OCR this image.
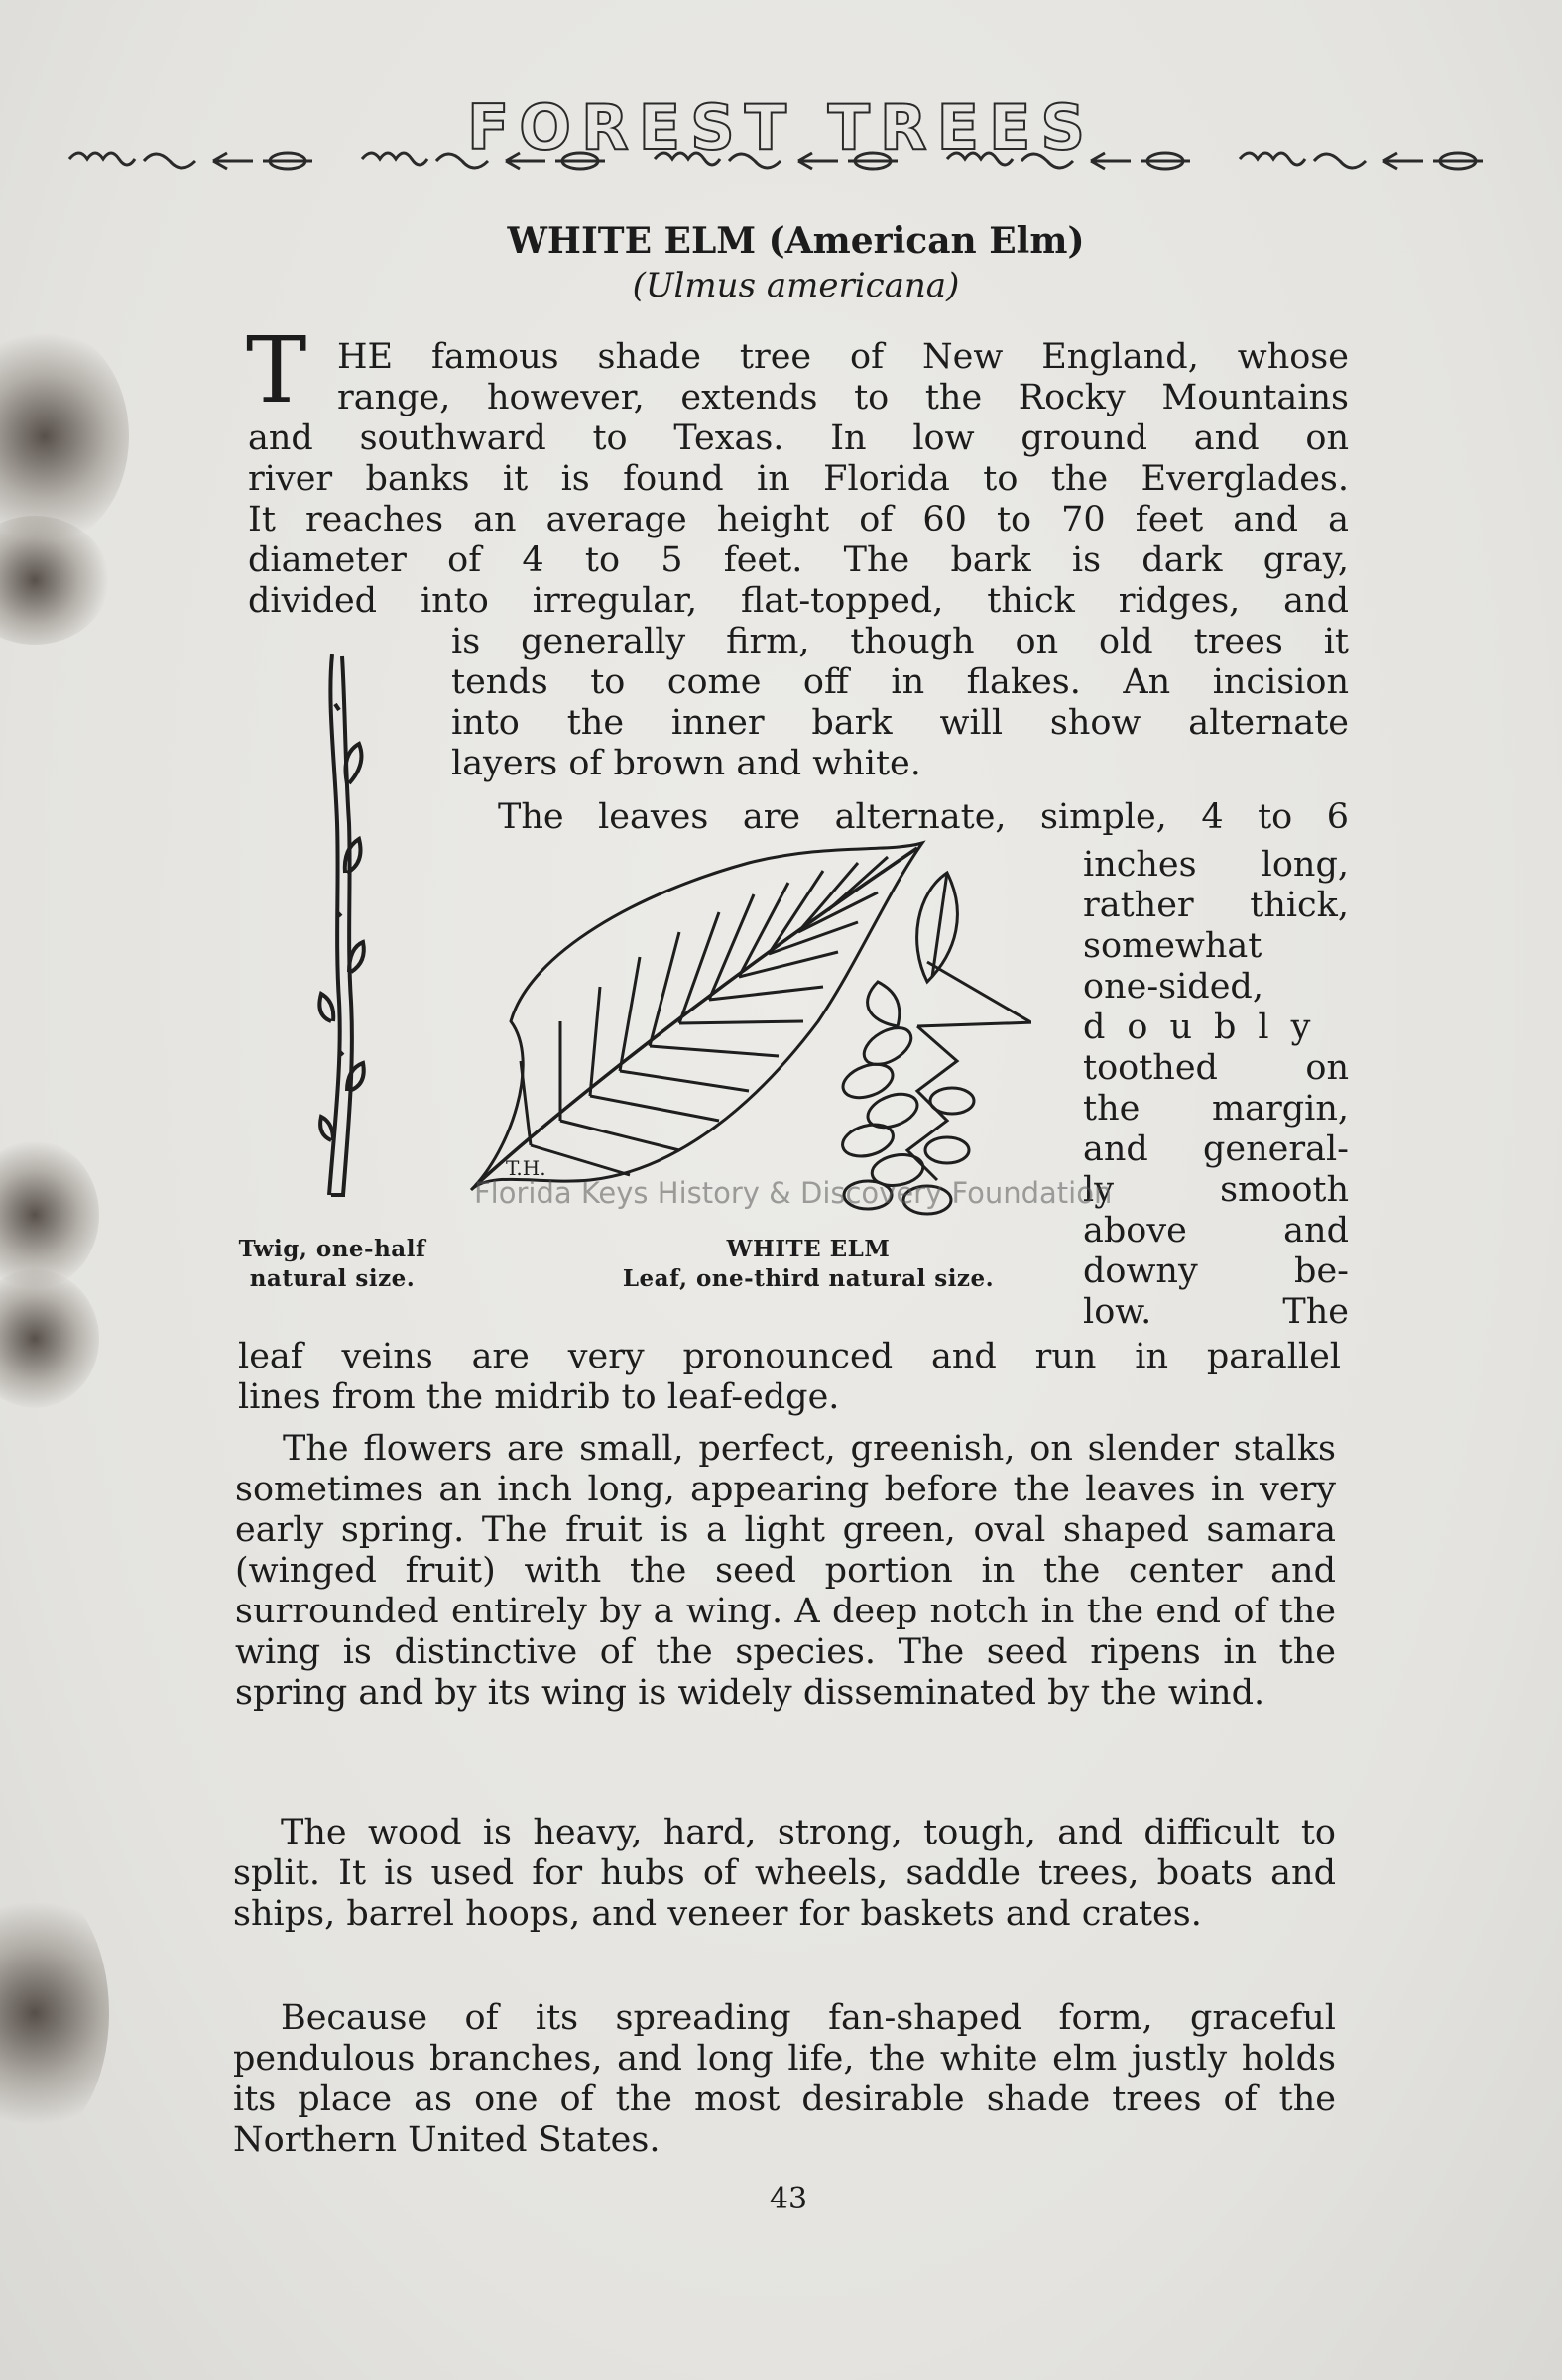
FOREST TREES
WHITE ELM (American Elm)
(Ulmus americana)
T HE famous shade tree of New England, whose
range, however, extends to the Rocky Mountains
and southward to Texas. In low ground and on
river banks it is found in Florida to the Everglades.
It reaches an average height of 60 to 70 feet and a
diameter of 4 to 5 feet. The bark is dark gray,
divided into irregular, flat-topped, thick ridges, and
is generally firm, though on old trees it
tends to come off in flakes. An incision
into the inner bark will show alternate
layers of brown and white.
The leaves are alternate, simple, 4 to 6
inches long,
rather thick,
somewhat
one-sided,
doubly
toothed on
the margin,
and general-
ly smooth
above and
downy be-
low. The
leaf veins are very pronounced and run in parallel
lines from the midrib to leaf-edge.
T.H.
Florida Keys History & Discovery Foundation
Twig, one-half
natural size.
WHITE ELM
Leaf, one-third natural size.
The flowers are small, perfect, greenish, on slender stalks sometimes an inch long, appearing before the leaves in very early spring. The fruit is a light green, oval shaped samara (winged fruit) with the seed portion in the center and surrounded entirely by a wing. A deep notch in the end of the wing is distinctive of the species. The seed ripens in the spring and by its wing is widely disseminated by the wind.
The wood is heavy, hard, strong, tough, and difficult to split. It is used for hubs of wheels, saddle trees, boats and ships, barrel hoops, and veneer for baskets and crates.
Because of its spreading fan-shaped form, graceful pendulous branches, and long life, the white elm justly holds its place as one of the most desirable shade trees of the Northern United States.
43
